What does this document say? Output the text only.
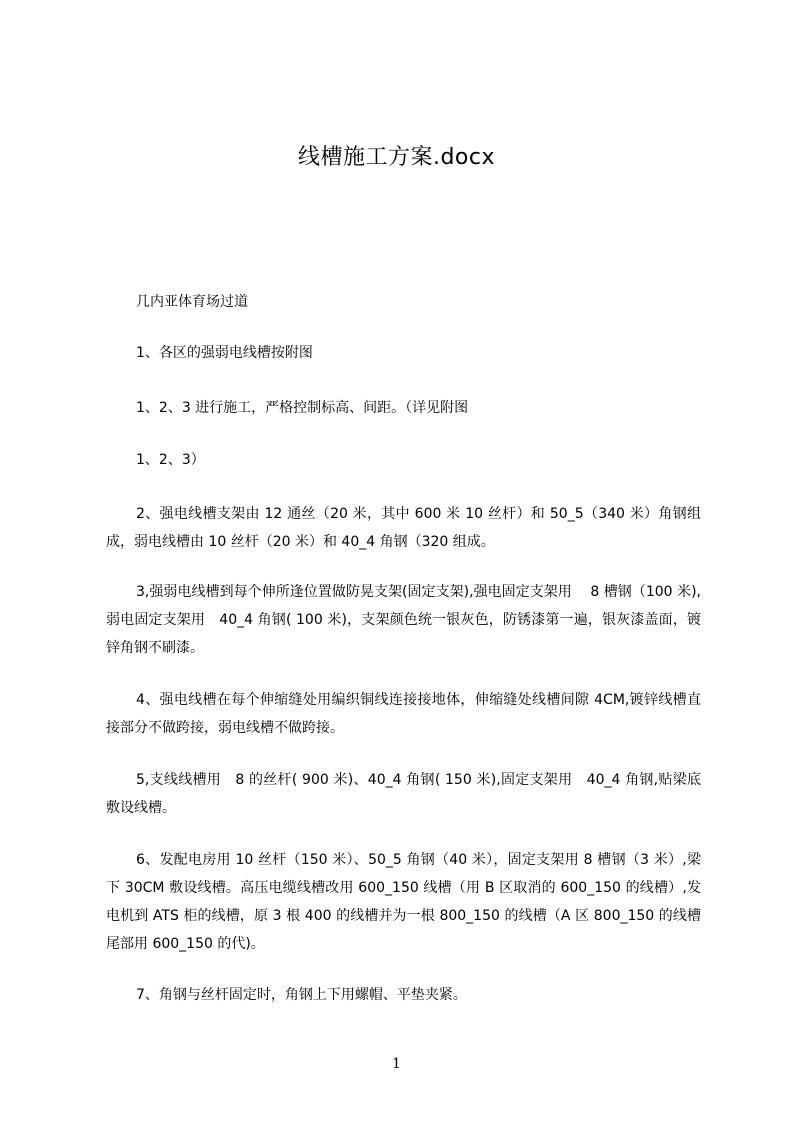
线槽施工方案.docx

几内亚体育场过道

1、各区的强弱电线槽按附图

1、2、3 进行施工，严格控制标高、间距。（详见附图

1、2、3）

2、强电线槽支架由 12 通丝（20 米，其中 600 米 10 丝杆）和 50_5（340 米）角钢组成，弱电线槽由 10 丝杆（20 米）和 40_4 角钢（320 组成。

3,强弱电线槽到每个伸所逢位置做防晃支架(固定支架),强电固定支架用　 8 槽钢（100 米),弱电固定支架用　40_4 角钢( 100 米)，支架颜色统一银灰色，防锈漆第一遍，银灰漆盖面，镀锌角钢不刷漆。

4、强电线槽在每个伸缩缝处用编织铜线连接接地体，伸缩缝处线槽间隙 4CM,镀锌线槽直接部分不做跨接，弱电线槽不做跨接。

5,支线线槽用　8 的丝杆( 900 米)、40_4 角钢( 150 米),固定支架用　40_4 角钢,贴梁底敷设线槽。

6、发配电房用 10 丝杆（150 米）、50_5 角钢（40 米），固定支架用 8 槽钢（3 米）,梁下 30CM 敷设线槽。高压电缆线槽改用 600_150 线槽（用 B 区取消的 600_150 的线槽）,发电机到 ATS 柜的线槽，原 3 根 400 的线槽并为一根 800_150 的线槽（A 区 800_150 的线槽尾部用 600_150 的代)。

7、角钢与丝杆固定时，角钢上下用螺帽、平垫夹紧。

1
